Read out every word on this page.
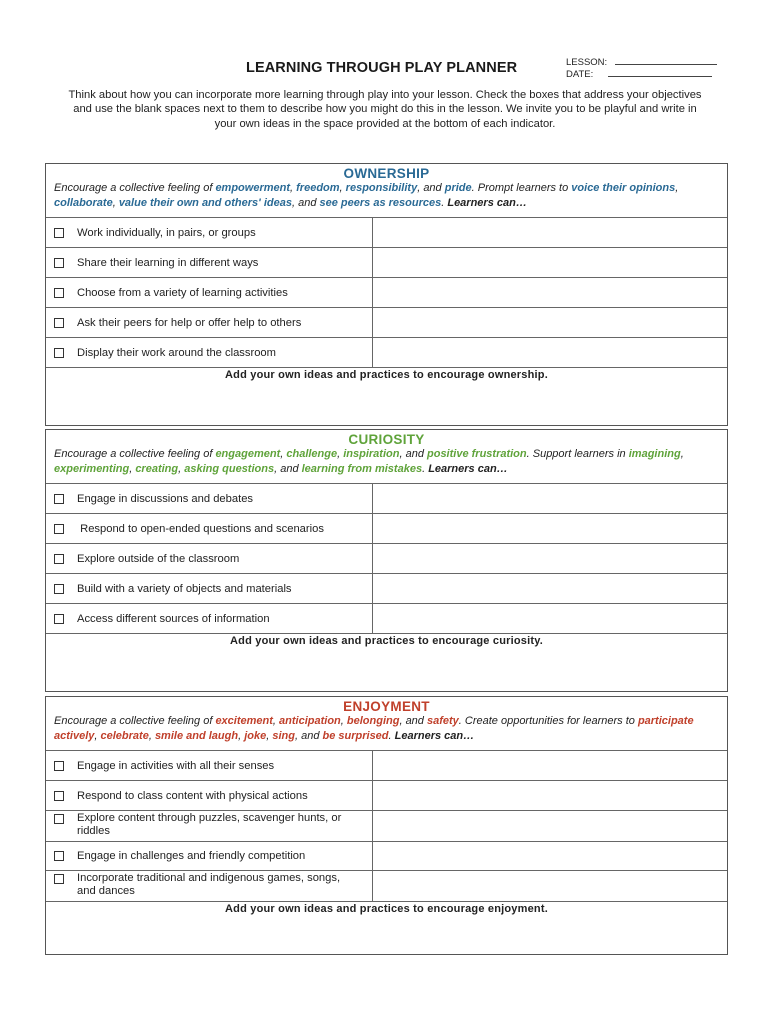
LEARNING THROUGH PLAY PLANNER	LESSON:
DATE:
Think about how you can incorporate more learning through play into your lesson. Check the boxes that address your objectives and use the blank spaces next to them to describe how you might do this in the lesson. We invite you to be playful and write in your own ideas in the space provided at the bottom of each indicator.
OWNERSHIP
Encourage a collective feeling of empowerment, freedom, responsibility, and pride. Prompt learners to voice their opinions, collaborate, value their own and others' ideas, and see peers as resources. Learners can…
Work individually, in pairs, or groups
Share their learning in different ways
Choose from a variety of learning activities
Ask their peers for help or offer help to others
Display their work around the classroom
Add your own ideas and practices to encourage ownership.
CURIOSITY
Encourage a collective feeling of engagement, challenge, inspiration, and positive frustration. Support learners in imagining, experimenting, creating, asking questions, and learning from mistakes. Learners can…
Engage in discussions and debates
Respond to open-ended questions and scenarios
Explore outside of the classroom
Build with a variety of objects and materials
Access different sources of information
Add your own ideas and practices to encourage curiosity.
ENJOYMENT
Encourage a collective feeling of excitement, anticipation, belonging, and safety. Create opportunities for learners to participate actively, celebrate, smile and laugh, joke, sing, and be surprised. Learners can…
Engage in activities with all their senses
Respond to class content with physical actions
Explore content through puzzles, scavenger hunts, or riddles
Engage in challenges and friendly competition
Incorporate traditional and indigenous games, songs, and dances
Add your own ideas and practices to encourage enjoyment.
